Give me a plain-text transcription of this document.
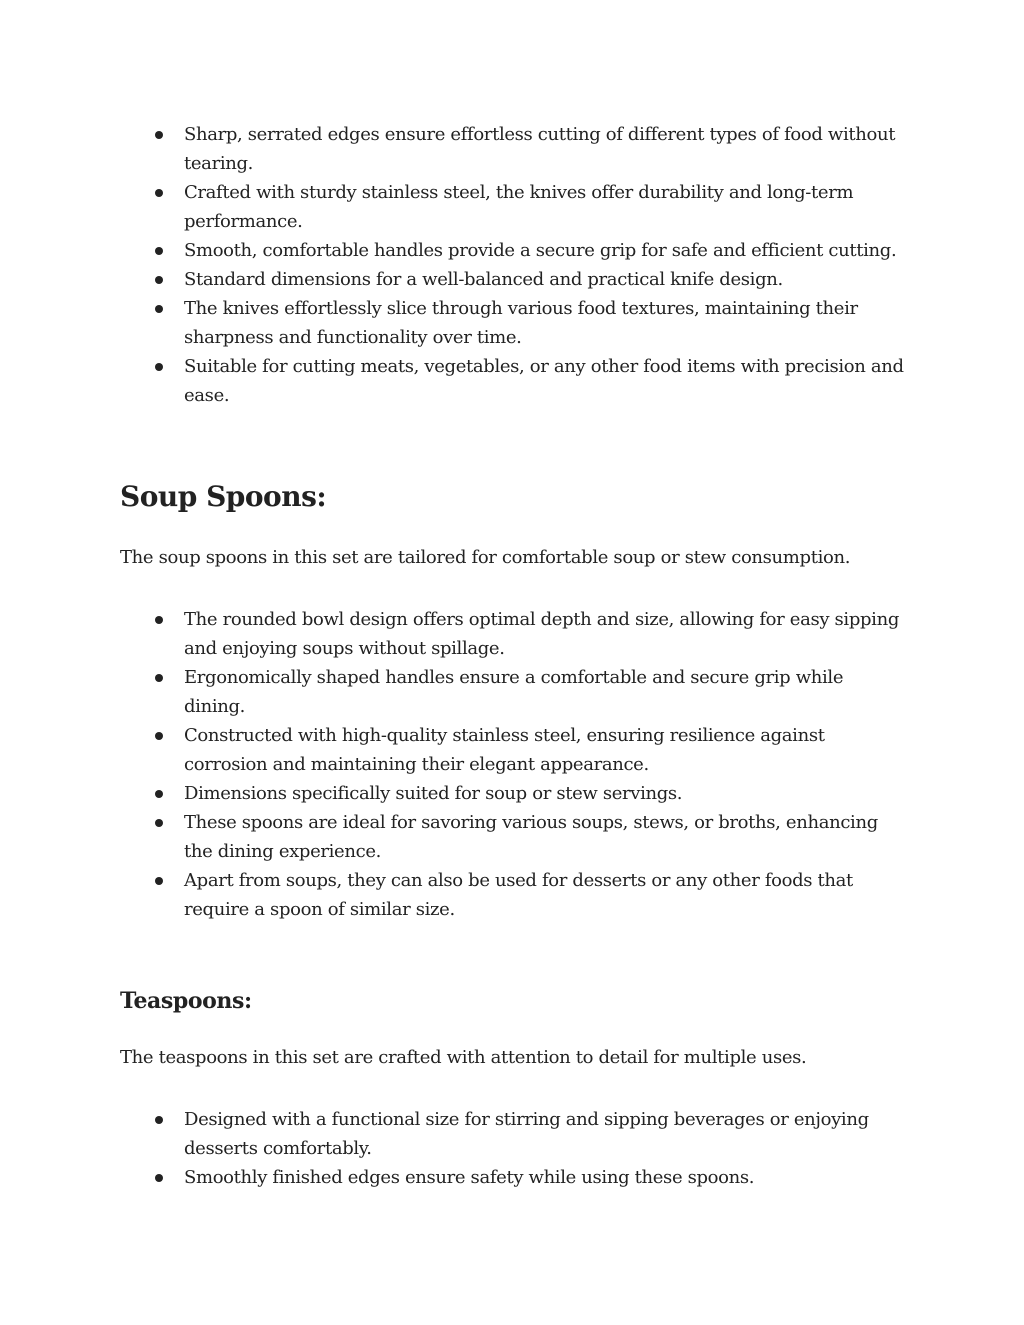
Sharp, serrated edges ensure effortless cutting of different types of food without tearing.
Crafted with sturdy stainless steel, the knives offer durability and long-term performance.
Smooth, comfortable handles provide a secure grip for safe and efficient cutting.
Standard dimensions for a well-balanced and practical knife design.
The knives effortlessly slice through various food textures, maintaining their sharpness and functionality over time.
Suitable for cutting meats, vegetables, or any other food items with precision and ease.
Soup Spoons:

The soup spoons in this set are tailored for comfortable soup or stew consumption.

The rounded bowl design offers optimal depth and size, allowing for easy sipping and enjoying soups without spillage.
Ergonomically shaped handles ensure a comfortable and secure grip while dining.
Constructed with high-quality stainless steel, ensuring resilience against corrosion and maintaining their elegant appearance.
Dimensions specifically suited for soup or stew servings.
These spoons are ideal for savoring various soups, stews, or broths, enhancing the dining experience.
Apart from soups, they can also be used for desserts or any other foods that require a spoon of similar size.
Teaspoons:

The teaspoons in this set are crafted with attention to detail for multiple uses.

Designed with a functional size for stirring and sipping beverages or enjoying desserts comfortably.
Smoothly finished edges ensure safety while using these spoons.
